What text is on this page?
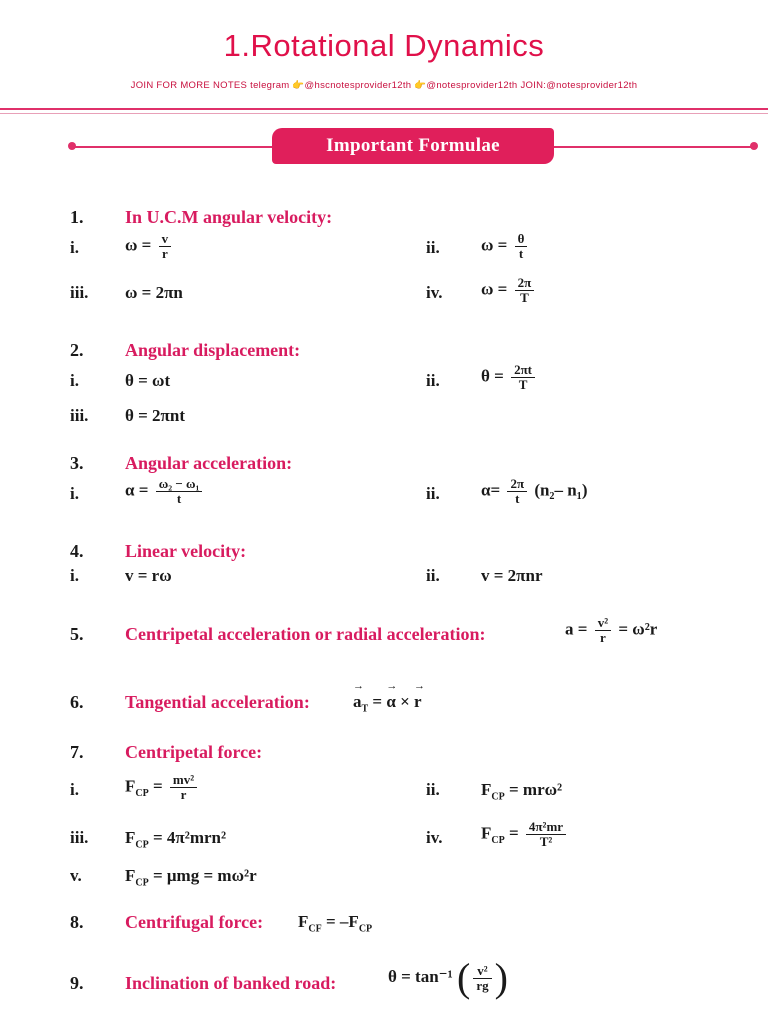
1.Rotational Dynamics
JOIN FOR MORE NOTES telegram 👉@hscnotesprovider12th 👉@notesprovider12th JOIN:@notesprovider12th
Important Formulae
1. In U.C.M angular velocity:
i.	$\omega = \frac{v}{r}$	ii. $\omega = \frac{\theta}{t}$
iii. ω = 2πn	iv. $\omega = \frac{2\pi}{T}$
2. Angular displacement:
i.	θ = ωt	ii. $\theta = \frac{2\pi t}{T}$
iii. θ = 2πnt
3. Angular acceleration:
i.	$\alpha = \frac{\text{ω₂ − ω₁}}{t}$	ii. $\alpha= \frac{2\pi}{t} (n_2-$ n₁)
4. Linear velocity:
i.	v = rω	ii. v = 2πnr
5. Centripetal acceleration or radial acceleration:	$a = \frac{\text{v²}}{r} = \omega^2r$
6. Tangential acceleration:	→ $a_T$ = → α × → r
7. Centripetal force:
i.	$F_{CP} = \frac{\text{mv²}}{r}$	ii. $F_{CP} = mr\omega^2$
iii. $F_{CP} = 4\pi^2mrn^2$	iv. $F_{CP} = \frac{\text{4π²mr}}{\text{T²}}$
v.	$F_{CP} = \mu mg = m\omega^2r$
8. Centrifugal force: $F_{CF} = -F_{CP}$
9. Inclination of banked road:	θ = tan⁻¹ ( $\frac{\text{v²}}{rg}$ )
